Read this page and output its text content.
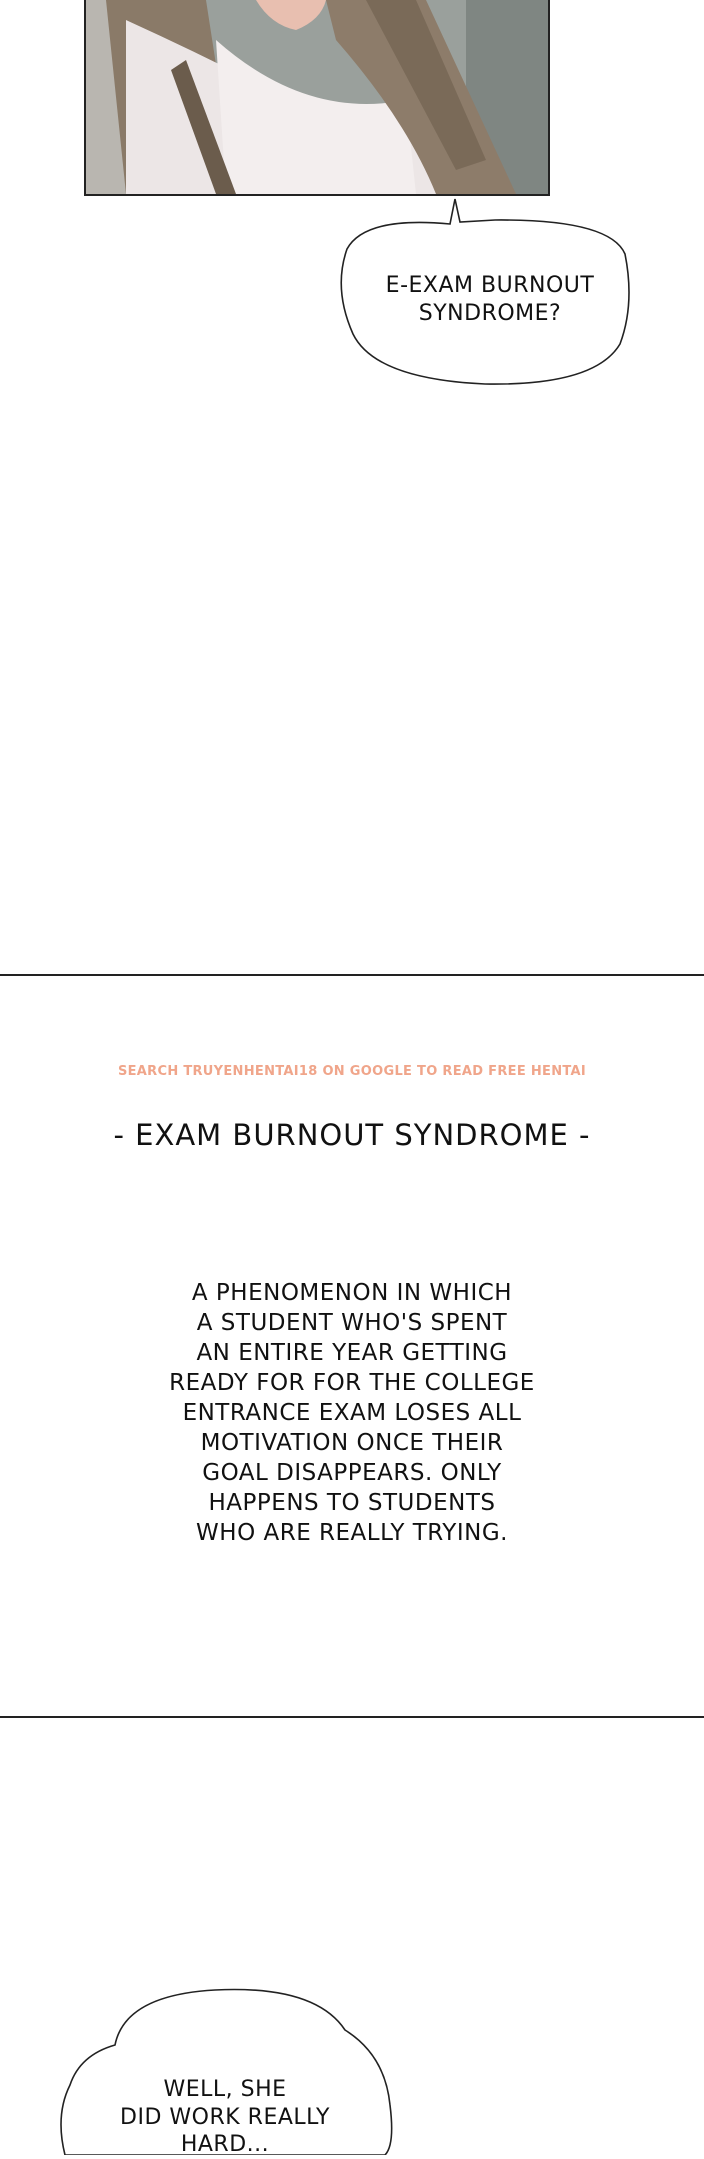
E-EXAM BURNOUT
SYNDROME?
SEARCH TRUYENHENTAI18 ON GOOGLE TO READ FREE HENTAI
- EXAM BURNOUT SYNDROME -
A PHENOMENON IN WHICH
A STUDENT WHO'S SPENT
AN ENTIRE YEAR GETTING
READY FOR FOR THE COLLEGE
ENTRANCE EXAM LOSES ALL
MOTIVATION ONCE THEIR
GOAL DISAPPEARS. ONLY
HAPPENS TO STUDENTS
WHO ARE REALLY TRYING.
WELL, SHE
DID WORK REALLY
HARD...
